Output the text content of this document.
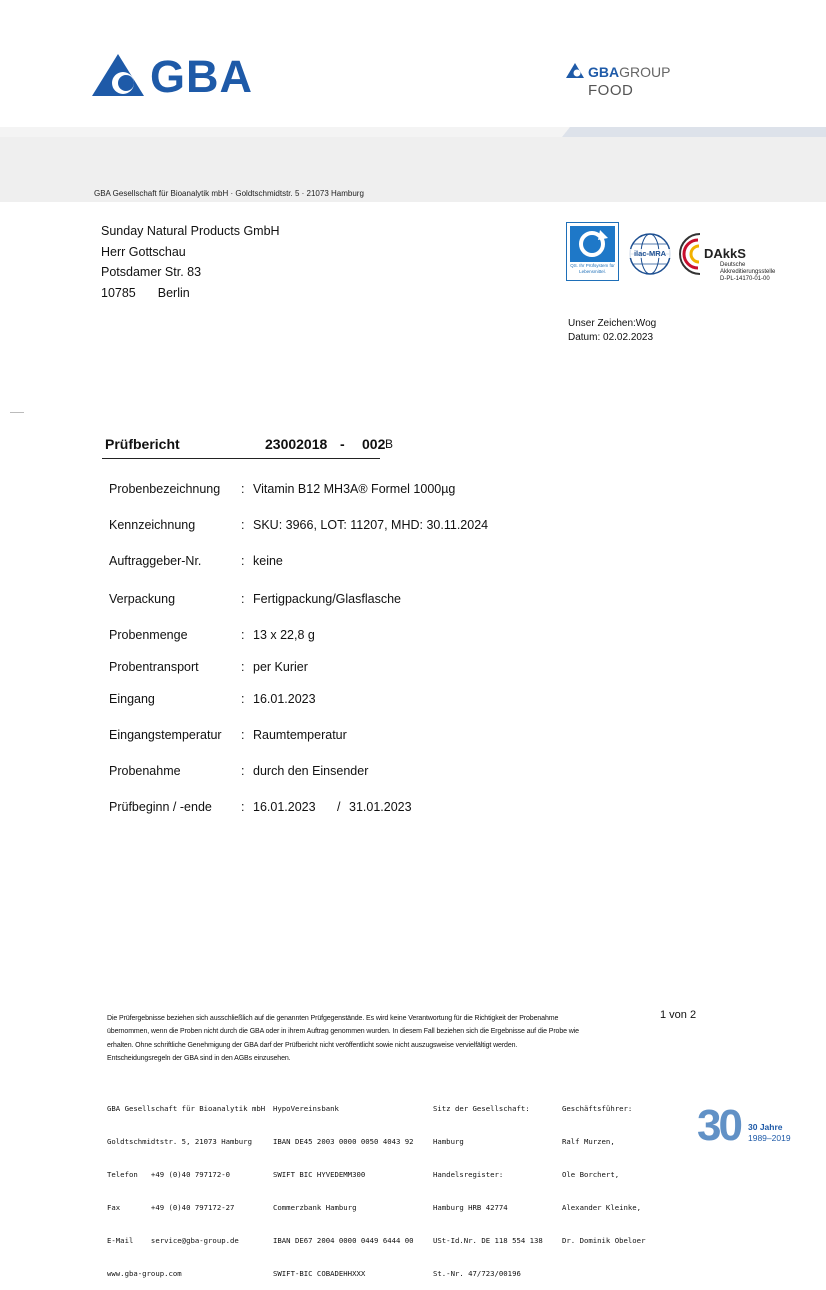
GBA	GBAGROUP
FOOD
GBA Gesellschaft für Bioanalytik mbH · Goldtschmidtstr. 5 · 21073 Hamburg
Sunday Natural Products GmbH
Herr Gottschau
Potsdamer Str. 83
10785 Berlin
QS. Ihr Prüfsystem für Lebensmittel.
ilac-MRA	DAkkS
Deutsche
Akkreditierungsstelle
D-PL-14170-01-00
Unser Zeichen:Wog
Datum: 02.02.2023
Prüfbericht	23002018 - 002 B
Probenbezeichnung : Vitamin B12 MH3A® Formel 1000µg
Kennzeichnung	: SKU: 3966, LOT: 11207, MHD: 30.11.2024
Auftraggeber-Nr.	: keine
Verpackung	: Fertigpackung/Glasflasche
Probenmenge	: 13 x 22,8 g
Probentransport	: per Kurier
Eingang	: 16.01.2023
Eingangstemperatur : Raumtemperatur
Probenahme	: durch den Einsender
Prüfbeginn / -ende : 16.01.2023 / 31.01.2023
Die Prüfergebnisse beziehen sich ausschließlich auf die genannten Prüfgegenstände. Es wird keine Verantwortung für die Richtigkeit der Probenahme
übernommen, wenn die Proben nicht durch die GBA oder in ihrem Auftrag genommen wurden. In diesem Fall beziehen sich die Ergebnisse auf die Probe wie
erhalten. Ohne schriftliche Genehmigung der GBA darf der Prüfbericht nicht veröffentlicht sowie nicht auszugsweise vervielfältigt werden.
Entscheidungsregeln der GBA sind in den AGBs einzusehen.
1 von 2

GBA Gesellschaft für Bioanalytik mbH

Goldtschmidtstr. 5, 21073 Hamburg

Telefon   +49 (0)40 797172-0

Fax       +49 (0)40 797172-27

E-Mail    service@gba-group.de

www.gba-group.com

HypoVereinsbank

IBAN DE45 2003 0000 0050 4043 92

SWIFT BIC HYVEDEMM300

Commerzbank Hamburg

IBAN DE67 2004 0000 0449 6444 00

SWIFT-BIC COBADEHHXXX

Sitz der Gesellschaft:

Hamburg

Handelsregister:

Hamburg HRB 42774

USt-Id.Nr. DE 118 554 138

St.-Nr. 47/723/00196

Geschäftsführer:

Ralf Murzen,

Ole Borchert,

Alexander Kleinke,

Dr. Dominik Obeloer

30 30 Jahre
1989–2019
